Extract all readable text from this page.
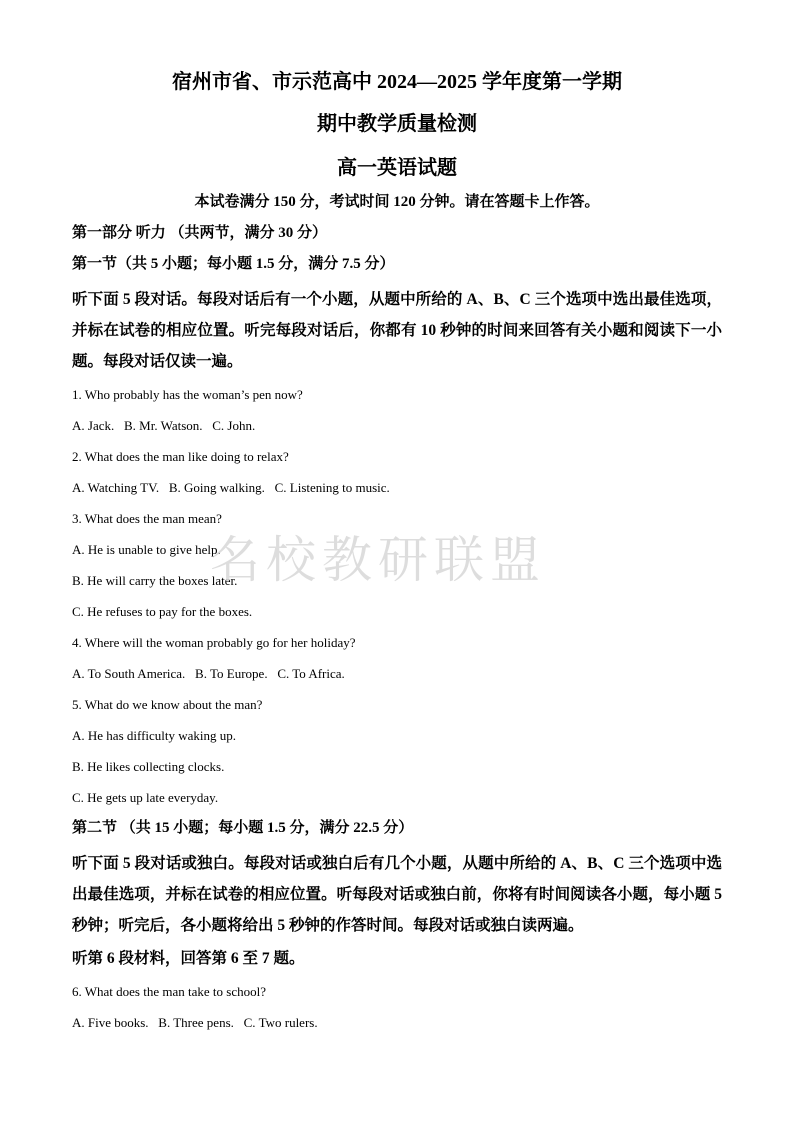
宿州市省、市示范高中 2024—2025 学年度第一学期
期中教学质量检测
高一英语试题
本试卷满分 150 分，考试时间 120 分钟。请在答题卡上作答。

第一部分 听力 （共两节，满分 30 分）

第一节（共 5 小题；每小题 1.5 分，满分 7.5 分）

听下面 5 段对话。每段对话后有一个小题，从题中所给的 A、B、C 三个选项中选出最佳选项，并标在试卷的相应位置。听完每段对话后，你都有 10 秒钟的时间来回答有关小题和阅读下一小题。每段对话仅读一遍。

1. Who probably has the woman’s pen now?

A. Jack.   B. Mr. Watson.   C. John.

2. What does the man like doing to relax?

A. Watching TV.   B. Going walking.   C. Listening to music.

3. What does the man mean?

A. He is unable to give help.

B. He will carry the boxes later.

C. He refuses to pay for the boxes.

4. Where will the woman probably go for her holiday?

A. To South America.   B. To Europe.   C. To Africa.

5. What do we know about the man?

A. He has difficulty waking up.

B. He likes collecting clocks.

C. He gets up late everyday.

第二节 （共 15 小题；每小题 1.5 分，满分 22.5 分）

听下面 5 段对话或独白。每段对话或独白后有几个小题，从题中所给的 A、B、C 三个选项中选出最佳选项，并标在试卷的相应位置。听每段对话或独白前，你将有时间阅读各小题，每小题 5 秒钟；听完后，各小题将给出 5 秒钟的作答时间。每段对话或独白读两遍。

听第 6 段材料，回答第 6 至 7 题。

6. What does the man take to school?

A. Five books.   B. Three pens.   C. Two rulers.

名校教研联盟
